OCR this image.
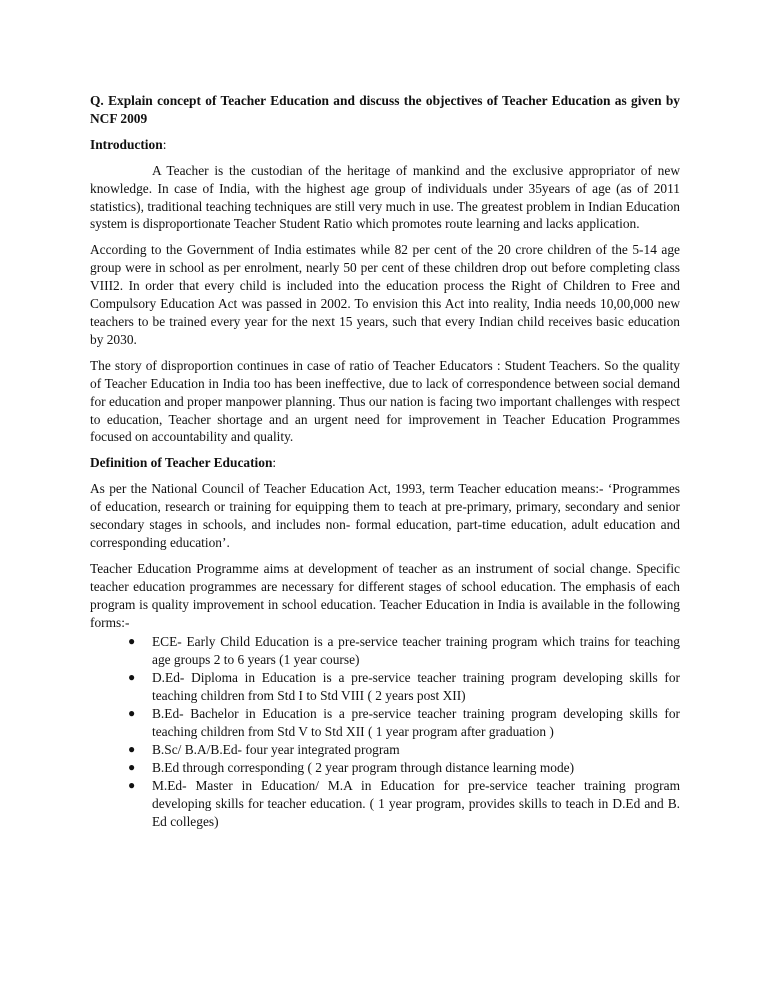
Q. Explain concept of Teacher Education and discuss the objectives of Teacher Education as given by NCF 2009

Introduction:

A Teacher is the custodian of the heritage of mankind and the exclusive appropriator of new knowledge. In case of India, with the highest age group of individuals under 35years of age (as of 2011 statistics), traditional teaching techniques are still very much in use. The greatest problem in Indian Education system is disproportionate Teacher Student Ratio which promotes route learning and lacks application.

According to the Government of India estimates while 82 per cent of the 20 crore children of the 5-14 age group were in school as per enrolment, nearly 50 per cent of these children drop out before completing class VIII2. In order that every child is included into the education process the Right of Children to Free and Compulsory Education Act was passed in 2002. To envision this Act into reality, India needs 10,00,000 new teachers to be trained every year for the next 15 years, such that every Indian child receives basic education by 2030.

The story of disproportion continues in case of ratio of Teacher Educators : Student Teachers. So the quality of Teacher Education in India too has been ineffective, due to lack of correspondence between social demand for education and proper manpower planning. Thus our nation is facing two important challenges with respect to education, Teacher shortage and an urgent need for improvement in Teacher Education Programmes focused on accountability and quality.

Definition of Teacher Education:

As per the National Council of Teacher Education Act, 1993, term Teacher education means:- ‘Programmes of education, research or training for equipping them to teach at pre-primary, primary, secondary and senior secondary stages in schools, and includes non- formal education, part-time education, adult education and corresponding education’.

Teacher Education Programme aims at development of teacher as an instrument of social change. Specific teacher education programmes are necessary for different stages of school education. The emphasis of each program is quality improvement in school education. Teacher Education in India is available in the following forms:-

● ECE- Early Child Education is a pre-service teacher training program which trains for teaching age groups 2 to 6 years (1 year course)
● D.Ed- Diploma in Education is a pre-service teacher training program developing skills for teaching children from Std I to Std VIII ( 2 years post XII)
● B.Ed- Bachelor in Education is a pre-service teacher training program developing skills for teaching children from Std V to Std XII ( 1 year program after graduation )
● B.Sc/ B.A/B.Ed- four year integrated program
● B.Ed through corresponding ( 2 year program through distance learning mode)
● M.Ed- Master in Education/ M.A in Education for pre-service teacher training program developing skills for teacher education. ( 1 year program, provides skills to teach in D.Ed and B. Ed colleges)
